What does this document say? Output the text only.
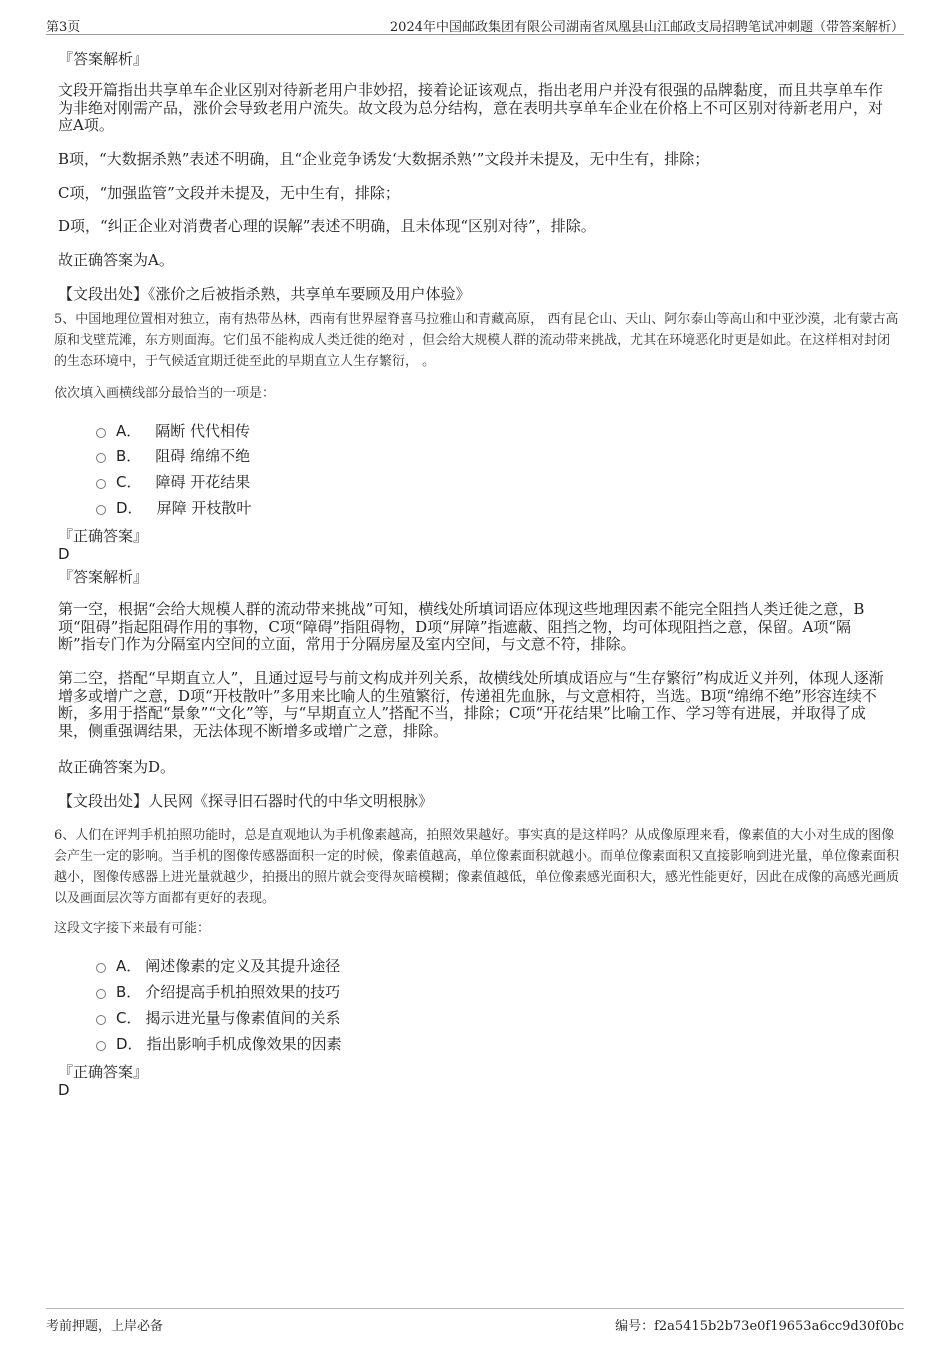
第3页	2024年中国邮政集团有限公司湖南省凤凰县山江邮政支局招聘笔试冲刺题（带答案解析）
『答案解析』

文段开篇指出共享单车企业区别对待新老用户非妙招，接着论证该观点，指出老用户并没有很强的品牌黏度，而且共享单车作为非绝对刚需产品，涨价会导致老用户流失。故文段为总分结构，意在表明共享单车企业在价格上不可区别对待新老用户，对应A项。

B项，“大数据杀熟”表述不明确，且“企业竞争诱发‘大数据杀熟’”文段并未提及，无中生有，排除；

C项，“加强监管”文段并未提及，无中生有，排除；

D项，“纠正企业对消费者心理的误解”表述不明确，且未体现“区别对待”，排除。

故正确答案为A。

【文段出处】《涨价之后被指杀熟，共享单车要顾及用户体验》

5、中国地理位置相对独立，南有热带丛林，西南有世界屋脊喜马拉雅山和青藏高原， 西有昆仑山、天山、阿尔泰山等高山和中亚沙漠，北有蒙古高原和戈壁荒滩，东方则面海。它们虽不能构成人类迁徙的绝对 ，但会给大规模人群的流动带来挑战，尤其在环境恶化时更是如此。在这样相对封闭的生态环境中，于气候适宜期迁徙至此的早期直立人生存繁衍， 。

依次填入画横线部分最恰当的一项是：

A． 隔断 代代相传
B． 阻碍 绵绵不绝
C． 障碍 开花结果
D． 屏障 开枝散叶
『正确答案』
D
『答案解析』

第一空，根据“会给大规模人群的流动带来挑战”可知，横线处所填词语应体现这些地理因素不能完全阻挡人类迁徙之意，B项“阻碍”指起阻碍作用的事物，C项“障碍”指阻碍物，D项“屏障”指遮蔽、阻挡之物，均可体现阻挡之意，保留。A项“隔断”指专门作为分隔室内空间的立面，常用于分隔房屋及室内空间，与文意不符，排除。

第二空，搭配“早期直立人”，且通过逗号与前文构成并列关系，故横线处所填成语应与“生存繁衍”构成近义并列，体现人逐渐增多或增广之意，D项“开枝散叶”多用来比喻人的生殖繁衍，传递祖先血脉，与文意相符，当选。B项“绵绵不绝”形容连续不断，多用于搭配“景象”“文化”等，与“早期直立人”搭配不当，排除；C项“开花结果”比喻工作、学习等有进展，并取得了成果，侧重强调结果，无法体现不断增多或增广之意，排除。

故正确答案为D。

【文段出处】人民网《探寻旧石器时代的中华文明根脉》

6、人们在评判手机拍照功能时，总是直观地认为手机像素越高，拍照效果越好。事实真的是这样吗？从成像原理来看，像素值的大小对生成的图像会产生一定的影响。当手机的图像传感器面积一定的时候，像素值越高，单位像素面积就越小。而单位像素面积又直接影响到进光量，单位像素面积越小，图像传感器上进光量就越少，拍摄出的照片就会变得灰暗模糊；像素值越低，单位像素感光面积大，感光性能更好，因此在成像的高感光画质以及画面层次等方面都有更好的表现。

这段文字接下来最有可能：

A． 阐述像素的定义及其提升途径
B． 介绍提高手机拍照效果的技巧
C． 揭示进光量与像素值间的关系
D． 指出影响手机成像效果的因素
『正确答案』
D
考前押题，上岸必备	编号：f2a5415b2b73e0f19653a6cc9d30f0bc
